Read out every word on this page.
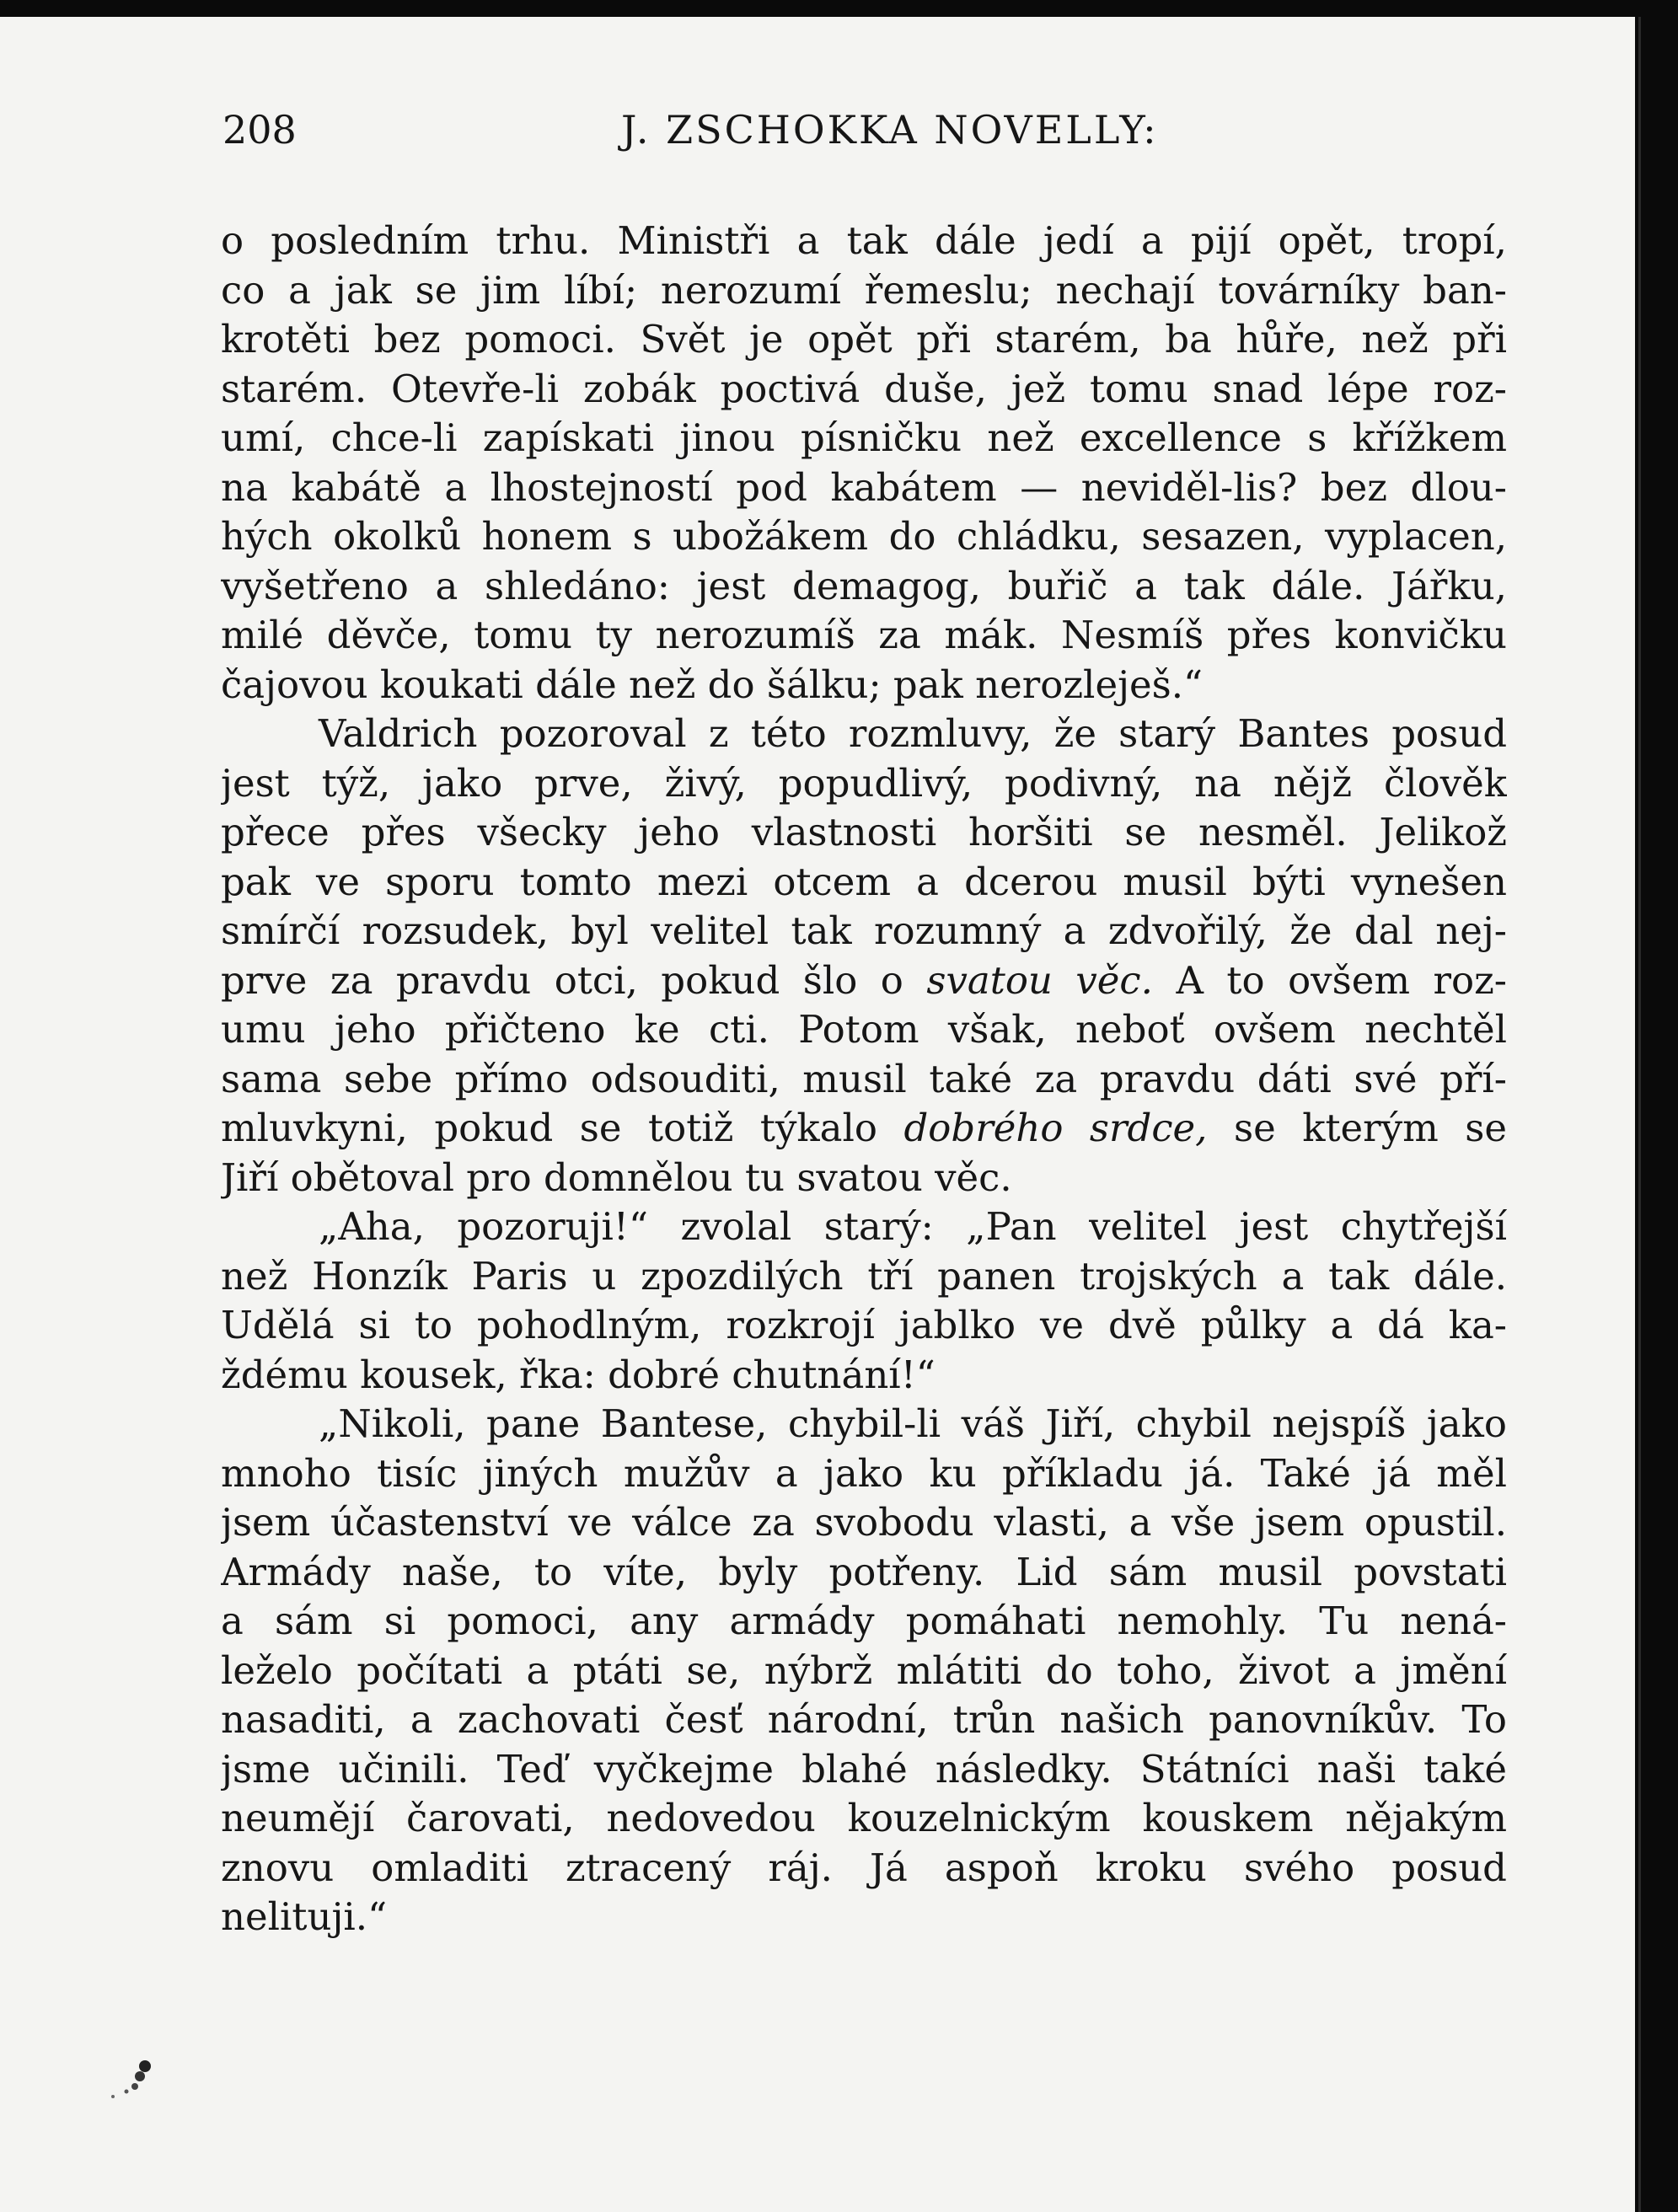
208	J. ZSCHOKKA NOVELLY:
o posledním trhu. Ministři a tak dále jedí a pijí opět, tropí,
co a jak se jim líbí; nerozumí řemeslu; nechají továrníky ban-
krotěti bez pomoci. Svět je opět při starém, ba hůře, než při
starém. Otevře-li zobák poctivá duše, jež tomu snad lépe roz-
umí, chce-li zapískati jinou písničku než excellence s křížkem
na kabátě a lhostejností pod kabátem — neviděl-lis? bez dlou-
hých okolků honem s ubožákem do chládku, sesazen, vyplacen,
vyšetřeno a shledáno: jest demagog, buřič a tak dále. Jářku,
milé děvče, tomu ty nerozumíš za mák. Nesmíš přes konvičku
čajovou koukati dále než do šálku; pak nerozleješ.“
Valdrich pozoroval z této rozmluvy, že starý Bantes posud
jest týž, jako prve, živý, popudlivý, podivný, na nějž člověk
přece přes všecky jeho vlastnosti horšiti se nesměl. Jelikož
pak ve sporu tomto mezi otcem a dcerou musil býti vynešen
smírčí rozsudek, byl velitel tak rozumný a zdvořilý, že dal nej-
prve za pravdu otci, pokud šlo o svatou věc. A to ovšem roz-
umu jeho přičteno ke cti. Potom však, neboť ovšem nechtěl
sama sebe přímo odsouditi, musil také za pravdu dáti své pří-
mluvkyni, pokud se totiž týkalo dobrého srdce, se kterým se
Jiří obětoval pro domnělou tu svatou věc.
„Aha, pozoruji!“ zvolal starý: „Pan velitel jest chytřejší
než Honzík Paris u zpozdilých tří panen trojských a tak dále.
Udělá si to pohodlným, rozkrojí jablko ve dvě půlky a dá ka-
ždému kousek, řka: dobré chutnání!“
„Nikoli, pane Bantese, chybil-li váš Jiří, chybil nejspíš jako
mnoho tisíc jiných mužův a jako ku příkladu já. Také já měl
jsem účastenství ve válce za svobodu vlasti, a vše jsem opustil.
Armády naše, to víte, byly potřeny. Lid sám musil povstati
a sám si pomoci, any armády pomáhati nemohly. Tu nená-
leželo počítati a ptáti se, nýbrž mlátiti do toho, život a jmění
nasaditi, a zachovati česť národní, trůn našich panovníkův. To
jsme učinili. Teď vyčkejme blahé následky. Státníci naši také
neumějí čarovati, nedovedou kouzelnickým kouskem nějakým
znovu omladiti ztracený ráj. Já aspoň kroku svého posud
nelituji.“
